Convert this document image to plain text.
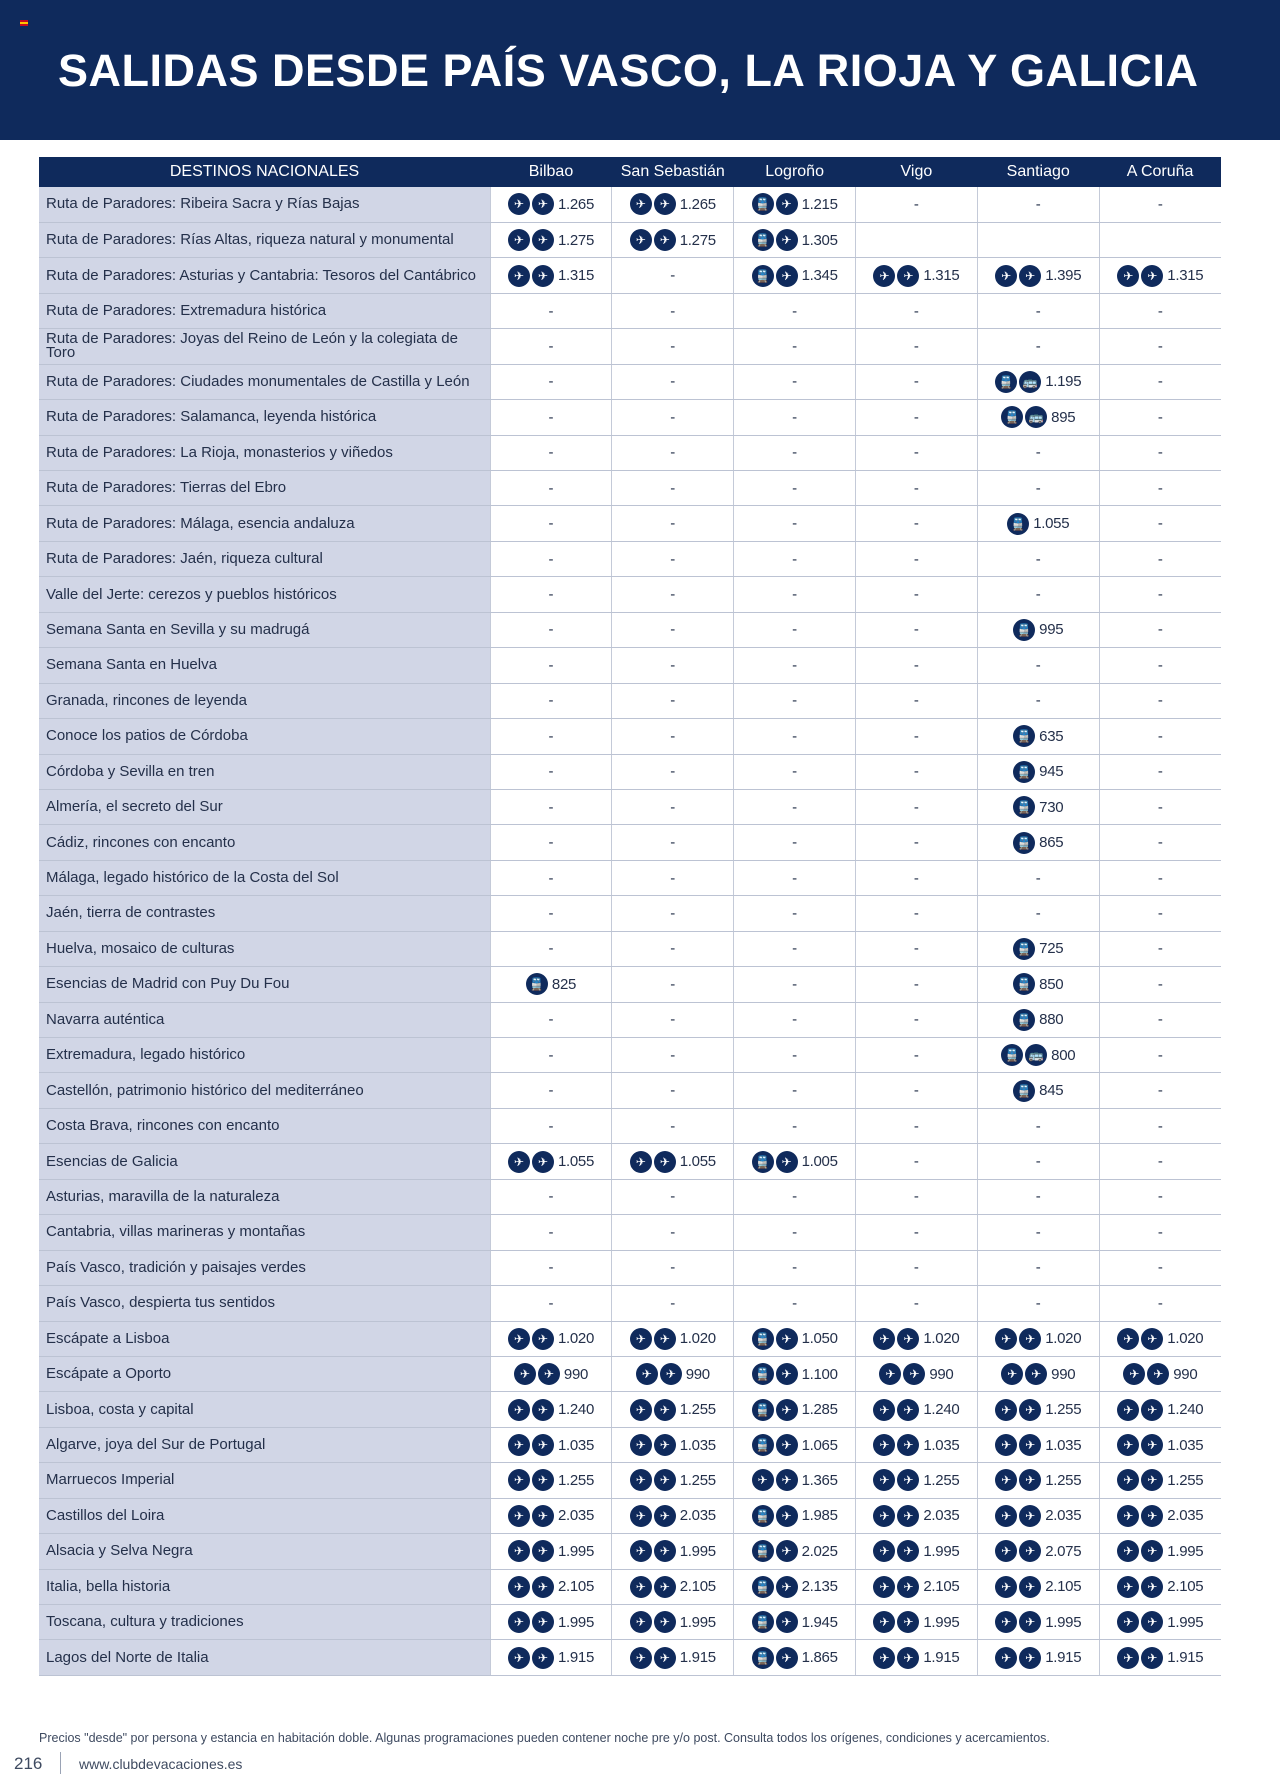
SALIDAS DESDE PAÍS VASCO, LA RIOJA Y GALICIA
DESTINOS NACIONALES	Bilbao	San Sebastián	Logroño	Vigo	Santiago	A Coruña
Ruta de Paradores: Ribeira Sacra y Rías Bajas	✈ ✈ 1.265	✈ ✈ 1.265	🚆 ✈ 1.215	-	-	-
Ruta de Paradores: Rías Altas, riqueza natural y monumental	✈ ✈ 1.275	✈ ✈ 1.275	🚆 ✈ 1.305			

Ruta de Paradores: Asturias y Cantabria: Tesoros del Cantábrico	✈ ✈ 1.315	-	🚆 ✈ 1.345	✈ ✈ 1.315	✈ ✈ 1.395	✈ ✈ 1.315

Ruta de Paradores: Extremadura histórica	-	-	-	-	-	-
Ruta de Paradores: Joyas del Reino de León y la colegiata de Toro	-	-	-	-	-	-
Ruta de Paradores: Ciudades monumentales de Castilla y León	-	-	-	-	🚆 🚌 1.195	-
Ruta de Paradores: Salamanca, leyenda histórica	-	-	-	-	🚆 🚌 895	-
Ruta de Paradores: La Rioja, monasterios y viñedos	-	-	-	-	-	-
Ruta de Paradores: Tierras del Ebro	-	-	-	-	-	-
Ruta de Paradores: Málaga, esencia andaluza	-	-	-	-	🚆 1.055	-
Ruta de Paradores: Jaén, riqueza cultural	-	-	-	-	-	-
Valle del Jerte: cerezos y pueblos históricos	-	-	-	-	-	-
Semana Santa en Sevilla y su madrugá	-	-	-	-	🚆 995	-
Semana Santa en Huelva	-	-	-	-	-	-
Granada, rincones de leyenda	-	-	-	-	-	-
Conoce los patios de Córdoba	-	-	-	-	🚆 635	-
Córdoba y Sevilla en tren	-	-	-	-	🚆 945	-
Almería, el secreto del Sur	-	-	-	-	🚆 730	-
Cádiz, rincones con encanto	-	-	-	-	🚆 865	-
Málaga, legado histórico de la Costa del Sol	-	-	-	-	-	-
Jaén, tierra de contrastes	-	-	-	-	-	-
Huelva, mosaico de culturas	-	-	-	-	🚆 725	-
Esencias de Madrid con Puy Du Fou	🚆 825	-	-	-	🚆 850	-
Navarra auténtica	-	-	-	-	🚆 880	-
Extremadura, legado histórico	-	-	-	-	🚆 🚌 800	-
Castellón, patrimonio histórico del mediterráneo	-	-	-	-	🚆 845	-
Costa Brava, rincones con encanto	-	-	-	-	-	-
Esencias de Galicia	✈ ✈ 1.055	✈ ✈ 1.055	🚆 ✈ 1.005	-	-	-
Asturias, maravilla de la naturaleza	-	-	-	-	-	-
Cantabria, villas marineras y montañas	-	-	-	-	-	-
País Vasco, tradición y paisajes verdes	-	-	-	-	-	-
País Vasco, despierta tus sentidos	-	-	-	-	-	-
Escápate a Lisboa	✈ ✈ 1.020	✈ ✈ 1.020	🚆 ✈ 1.050	✈ ✈ 1.020	✈ ✈ 1.020	✈ ✈ 1.020

Escápate a Oporto	✈ ✈ 990	✈ ✈ 990	🚆 ✈ 1.100	✈ ✈ 990	✈ ✈ 990	✈ ✈ 990

Lisboa, costa y capital	✈ ✈ 1.240	✈ ✈ 1.255	🚆 ✈ 1.285	✈ ✈ 1.240	✈ ✈ 1.255	✈ ✈ 1.240

Algarve, joya del Sur de Portugal	✈ ✈ 1.035	✈ ✈ 1.035	🚆 ✈ 1.065	✈ ✈ 1.035	✈ ✈ 1.035	✈ ✈ 1.035

Marruecos Imperial	✈ ✈ 1.255	✈ ✈ 1.255	✈ ✈ 1.365	✈ ✈ 1.255	✈ ✈ 1.255	✈ ✈ 1.255

Castillos del Loira	✈ ✈ 2.035	✈ ✈ 2.035	🚆 ✈ 1.985	✈ ✈ 2.035	✈ ✈ 2.035	✈ ✈ 2.035

Alsacia y Selva Negra	✈ ✈ 1.995	✈ ✈ 1.995	🚆 ✈ 2.025	✈ ✈ 1.995	✈ ✈ 2.075	✈ ✈ 1.995

Italia, bella historia	✈ ✈ 2.105	✈ ✈ 2.105	🚆 ✈ 2.135	✈ ✈ 2.105	✈ ✈ 2.105	✈ ✈ 2.105

Toscana, cultura y tradiciones	✈ ✈ 1.995	✈ ✈ 1.995	🚆 ✈ 1.945	✈ ✈ 1.995	✈ ✈ 1.995	✈ ✈ 1.995

Lagos del Norte de Italia	✈ ✈ 1.915	✈ ✈ 1.915	🚆 ✈ 1.865	✈ ✈ 1.915	✈ ✈ 1.915	✈ ✈ 1.915

Precios "desde" por persona y estancia en habitación doble. Algunas programaciones pueden contener noche pre y/o post. Consulta todos los orígenes, condiciones y acercamientos.

216	www.clubdevacaciones.es
